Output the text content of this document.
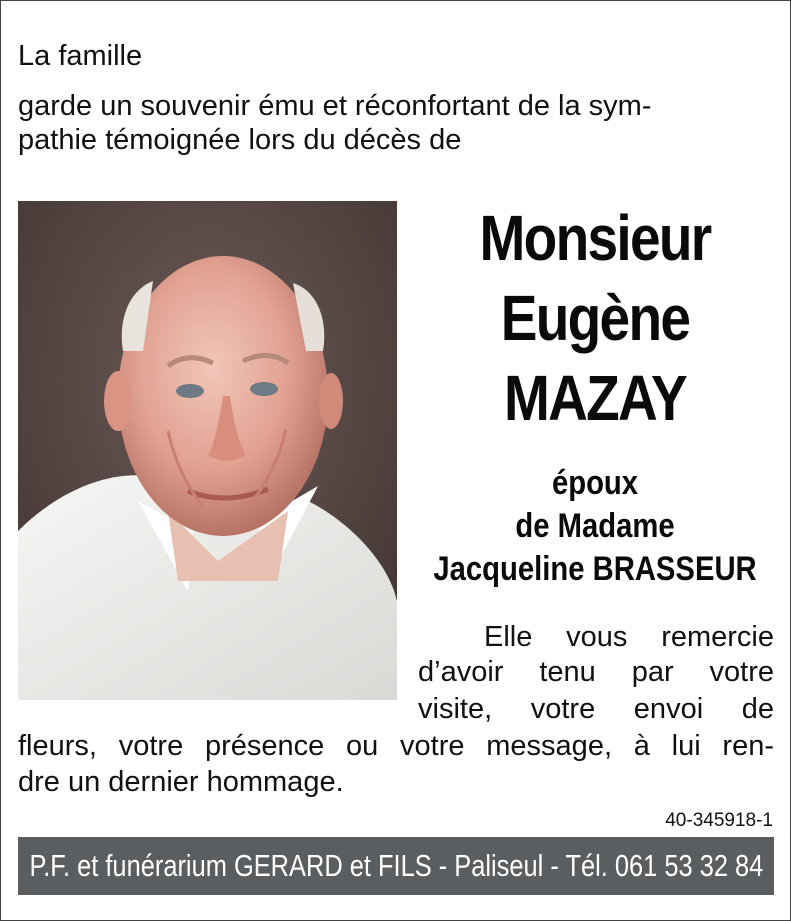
La famille
garde un souvenir ému et réconfortant de la sym-
pathie témoignée lors du décès de
Monsieur
Eugène
MAZAY
époux
de Madame
Jacqueline BRASSEUR
Elle vous remercie
d’avoir tenu par votre
visite, votre envoi de
fleurs, votre présence ou votre message, à lui ren-
dre un dernier hommage.
40-345918-1
P.F. et funérarium GERARD et FILS - Paliseul - Tél. 061 53 32 84
